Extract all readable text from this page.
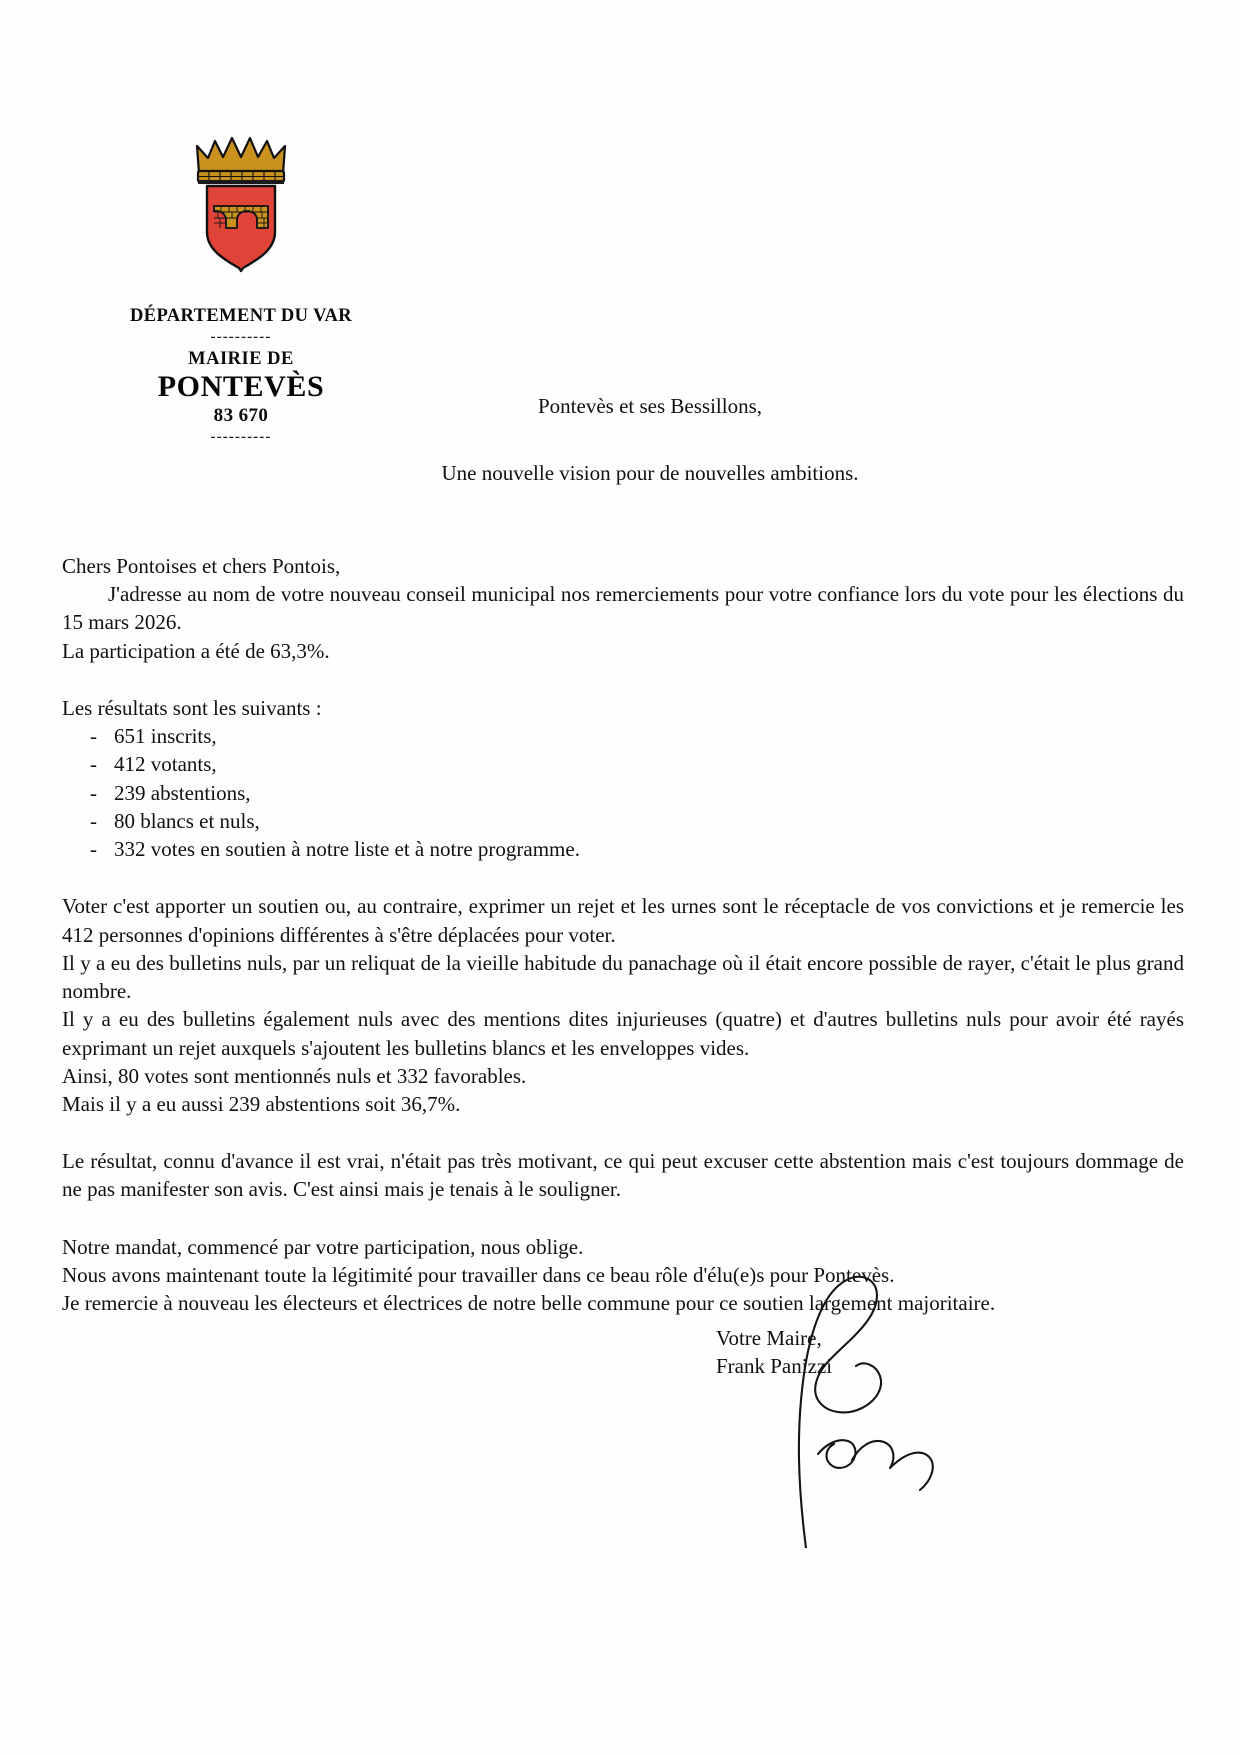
DÉPARTEMENT DU VAR
----------
MAIRIE DE
PONTEVÈS
83 670
----------
Pontevès et ses Bessillons,
Une nouvelle vision pour de nouvelles ambitions.

Chers Pontoises et chers Pontois,

J'adresse au nom de votre nouveau conseil municipal nos remerciements pour votre confiance lors du vote pour les élections du 15 mars 2026.

La participation a été de 63,3%.

Les résultats sont les suivants :

- 651 inscrits,
- 412 votants,
- 239 abstentions,
- 80 blancs et nuls,
- 332 votes en soutien à notre liste et à notre programme.

Voter c'est apporter un soutien ou, au contraire, exprimer un rejet et les urnes sont le réceptacle de vos convictions et je remercie les 412 personnes d'opinions différentes à s'être déplacées pour voter.

Il y a eu des bulletins nuls, par un reliquat de la vieille habitude du panachage où il était encore possible de rayer, c'était le plus grand nombre.

Il y a eu des bulletins également nuls avec des mentions dites injurieuses (quatre) et d'autres bulletins nuls pour avoir été rayés exprimant un rejet auxquels s'ajoutent les bulletins blancs et les enveloppes vides.

Ainsi, 80 votes sont mentionnés nuls et 332 favorables.

Mais il y a eu aussi 239 abstentions soit 36,7%.

Le résultat, connu d'avance il est vrai, n'était pas très motivant, ce qui peut excuser cette abstention mais c'est toujours dommage de ne pas manifester son avis. C'est ainsi mais je tenais à le souligner.

Notre mandat, commencé par votre participation, nous oblige.

Nous avons maintenant toute la légitimité pour travailler dans ce beau rôle d'élu(e)s pour Pontevès.

Je remercie à nouveau les électeurs et électrices de notre belle commune pour ce soutien largement majoritaire.

Votre Maire,
Frank Panizzi
